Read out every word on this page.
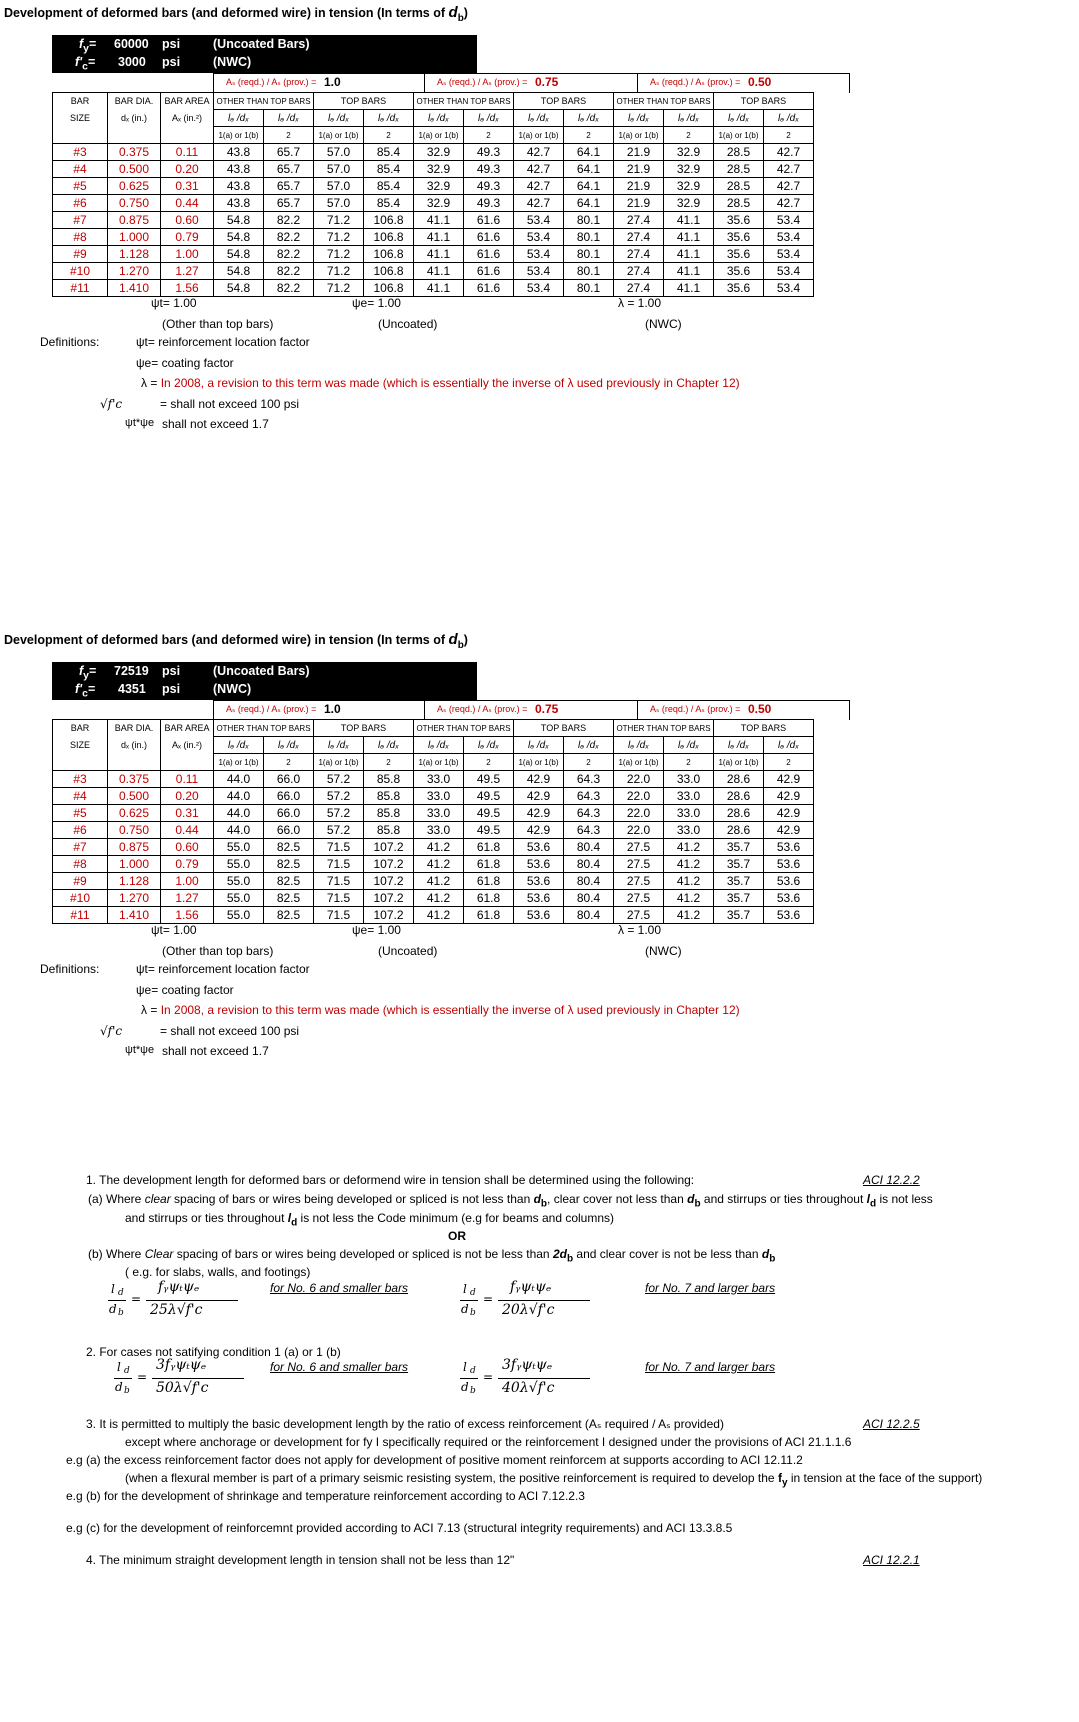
Development of deformed bars (and deformed wire) in tension (In terms of $d_b$)
$f_y= 60000$ psi
$f'_c= 3000$ psi
(Uncoated Bars)
(NWC)
Aₛ (reqd.) / Aₛ (prov.) = 1.0	Aₛ (reqd.) / Aₛ (prov.) = 0.75	Aₛ (reqd.) / Aₛ (prov.) = 0.50
BAR	BAR DIA.	BAR AREA	OTHER THAN TOP BARS		TOP BARS		OTHER THAN TOP BARS		TOP BARS		OTHER THAN TOP BARS		TOP BARS	
SIZE	dₓ (in.)	Aₓ (in.²)	lₔ /dₓ	lₔ /dₓ	lₔ /dₓ	lₔ /dₓ	lₔ /dₓ	lₔ /dₓ	lₔ /dₓ	lₔ /dₓ	lₔ /dₓ	lₔ /dₓ	lₔ /dₓ	lₔ /dₓ
			1(a) or 1(b)	2	1(a) or 1(b)	2	1(a) or 1(b)	2	1(a) or 1(b)	2	1(a) or 1(b)	2	1(a) or 1(b)	2
#3	0.375	0.11	43.8	65.7	57.0	85.4	32.9	49.3	42.7	64.1	21.9	32.9	28.5	42.7
#4	0.500	0.20	43.8	65.7	57.0	85.4	32.9	49.3	42.7	64.1	21.9	32.9	28.5	42.7
#5	0.625	0.31	43.8	65.7	57.0	85.4	32.9	49.3	42.7	64.1	21.9	32.9	28.5	42.7
#6	0.750	0.44	43.8	65.7	57.0	85.4	32.9	49.3	42.7	64.1	21.9	32.9	28.5	42.7
#7	0.875	0.60	54.8	82.2	71.2	106.8	41.1	61.6	53.4	80.1	27.4	41.1	35.6	53.4
#8	1.000	0.79	54.8	82.2	71.2	106.8	41.1	61.6	53.4	80.1	27.4	41.1	35.6	53.4
#9	1.128	1.00	54.8	82.2	71.2	106.8	41.1	61.6	53.4	80.1	27.4	41.1	35.6	53.4
#10	1.270	1.27	54.8	82.2	71.2	106.8	41.1	61.6	53.4	80.1	27.4	41.1	35.6	53.4
#11	1.410	1.56	54.8	82.2	71.2	106.8	41.1	61.6	53.4	80.1	27.4	41.1	35.6	53.4
ψt= 1.00	ψe= 1.00	λ = 1.00
(Other than top bars)	(Uncoated)	(NWC)
Definitions:	ψt= reinforcement location factor
ψe= coating factor
λ = In 2008, a revision to this term was made (which is essentially the inverse of λ used previously in Chapter 12)
√f'c	= shall not exceed 100 psi
ψt*ψe shall not exceed 1.7
Development of deformed bars (and deformed wire) in tension (In terms of $d_b$)
$f_y= 72519$ psi
$f'_c= 4351$ psi
(Uncoated Bars)
(NWC)
Aₛ (reqd.) / Aₛ (prov.) = 1.0	Aₛ (reqd.) / Aₛ (prov.) = 0.75	Aₛ (reqd.) / Aₛ (prov.) = 0.50
BAR	BAR DIA.	BAR AREA	OTHER THAN TOP BARS		TOP BARS		OTHER THAN TOP BARS		TOP BARS		OTHER THAN TOP BARS		TOP BARS	
SIZE	dₓ (in.)	Aₓ (in.²)	lₔ /dₓ	lₔ /dₓ	lₔ /dₓ	lₔ /dₓ	lₔ /dₓ	lₔ /dₓ	lₔ /dₓ	lₔ /dₓ	lₔ /dₓ	lₔ /dₓ	lₔ /dₓ	lₔ /dₓ
			1(a) or 1(b)	2	1(a) or 1(b)	2	1(a) or 1(b)	2	1(a) or 1(b)	2	1(a) or 1(b)	2	1(a) or 1(b)	2
#3	0.375	0.11	44.0	66.0	57.2	85.8	33.0	49.5	42.9	64.3	22.0	33.0	28.6	42.9
#4	0.500	0.20	44.0	66.0	57.2	85.8	33.0	49.5	42.9	64.3	22.0	33.0	28.6	42.9
#5	0.625	0.31	44.0	66.0	57.2	85.8	33.0	49.5	42.9	64.3	22.0	33.0	28.6	42.9
#6	0.750	0.44	44.0	66.0	57.2	85.8	33.0	49.5	42.9	64.3	22.0	33.0	28.6	42.9
#7	0.875	0.60	55.0	82.5	71.5	107.2	41.2	61.8	53.6	80.4	27.5	41.2	35.7	53.6
#8	1.000	0.79	55.0	82.5	71.5	107.2	41.2	61.8	53.6	80.4	27.5	41.2	35.7	53.6
#9	1.128	1.00	55.0	82.5	71.5	107.2	41.2	61.8	53.6	80.4	27.5	41.2	35.7	53.6
#10	1.270	1.27	55.0	82.5	71.5	107.2	41.2	61.8	53.6	80.4	27.5	41.2	35.7	53.6
#11	1.410	1.56	55.0	82.5	71.5	107.2	41.2	61.8	53.6	80.4	27.5	41.2	35.7	53.6
ψt= 1.00	ψe= 1.00	λ = 1.00
(Other than top bars)	(Uncoated)	(NWC)
Definitions:	ψt= reinforcement location factor
ψe= coating factor
λ = In 2008, a revision to this term was made (which is essentially the inverse of λ used previously in Chapter 12)
√f'c	= shall not exceed 100 psi
ψt*ψe shall not exceed 1.7
1. The development length for deformed bars or deformend wire in tension shall be determined using the following:	ACI 12.2.2
(a) Where clear spacing of bars or wires being developed or spliced is not less than $d_b$, clear cover not less than $d_b$ and stirrups or ties throughout $l_d$ is not less
and stirrups or ties throughout $l_d$ is not less the Code minimum (e.g for beams and columns)
OR
(b) Where Clear spacing of bars or wires being developed or spliced is not be less than $2d_b$ and clear cover is not be less than $d_b$
( e.g. for slabs, walls, and footings)
l d
d b
=
fᵧψₜψₑ
25λ√f'c
for No. 6 and smaller bars	l d
d b
=
fᵧψₜψₑ
20λ√f'c
for No. 7 and larger bars
2. For cases not satifying condition 1 (a) or 1 (b)
l d
d b
=
3fᵧψₜψₑ
50λ√f'c
for No. 6 and smaller bars	l d
d b
=
3fᵧψₜψₑ
40λ√f'c
for No. 7 and larger bars
3. It is permitted to multiply the basic development length by the ratio of excess reinforcement (Aₛ required / Aₛ provided)	ACI 12.2.5
except where anchorage or development for fy I specifically required or the reinforcement I designed under the provisions of ACI 21.1.1.6
e.g (a) the excess reinforcement factor does not apply for development of positive moment reinforcem at supports according to ACI 12.11.2
(when a flexural member is part of a primary seismic resisting system, the positive reinforcement is required to develop the $f_y$ in tension at the face of the support)
e.g (b) for the development of shrinkage and temperature reinforcement according to ACI 7.12.2.3
e.g (c) for the development of reinforcemnt provided according to ACI 7.13 (structural integrity requirements) and ACI 13.3.8.5
4. The minimum straight development length in tension shall not be less than 12"	ACI 12.2.1
